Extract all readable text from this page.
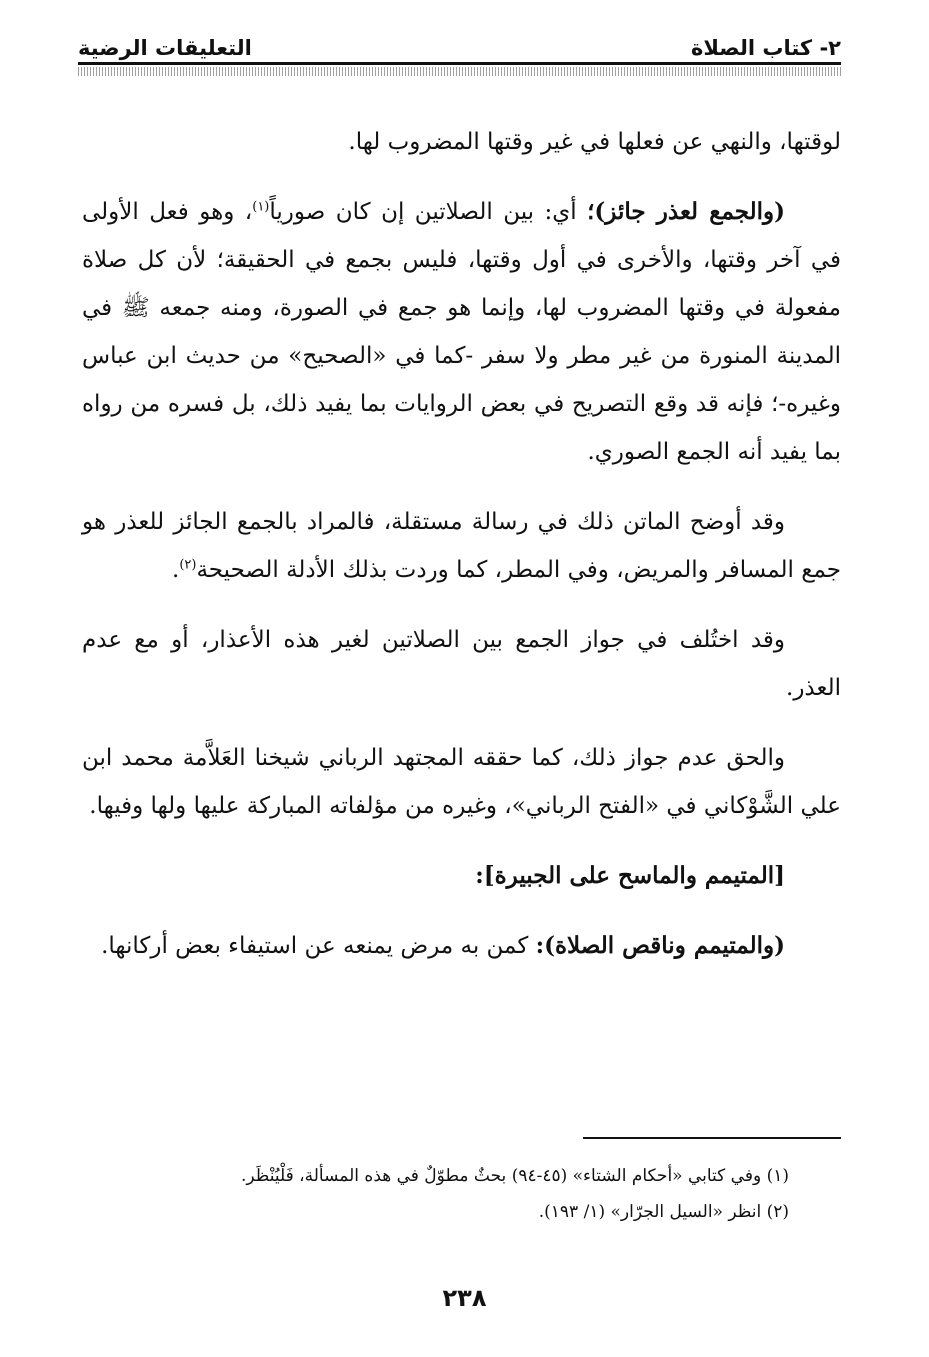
٢- كتاب الصلاة
التعليقات الرضية

لوقتها، والنهي عن فعلها في غير وقتها المضروب لها.

(والجمع لعذر جائز)؛ أي: بين الصلاتين إن كان صورياً$^{(١)}$، وهو فعل الأولى في آخر وقتها، والأخرى في أول وقتها، فليس بجمع في الحقيقة؛ لأن كل صلاة مفعولة في وقتها المضروب لها، وإنما هو جمع في الصورة، ومنه جمعه ﷺ في المدينة المنورة من غير مطر ولا سفر -كما في «الصحيح» من حديث ابن عباس وغيره-؛ فإنه قد وقع التصريح في بعض الروايات بما يفيد ذلك، بل فسره من رواه بما يفيد أنه الجمع الصوري.

وقد أوضح الماتن ذلك في رسالة مستقلة، فالمراد بالجمع الجائز للعذر هو جمع المسافر والمريض، وفي المطر، كما وردت بذلك الأدلة الصحيحة$^{(٢)}$.

وقد اختُلف في جواز الجمع بين الصلاتين لغير هذه الأعذار، أو مع عدم العذر.

والحق عدم جواز ذلك، كما حققه المجتهد الرباني شيخنا العَلاَّمة محمد ابن علي الشَّوْكاني في «الفتح الرباني»، وغيره من مؤلفاته المباركة عليها ولها وفيها.

[المتيمم والماسح على الجبيرة]:

(والمتيمم وناقص الصلاة): كمن به مرض يمنعه عن استيفاء بعض أركانها.

(١) وفي كتابي «أحكام الشتاء» (٤٥-٩٤) بحثٌ مطوّلٌ في هذه المسألة، فَلْيُنْظَر.

(٢) انظر «السيل الجرّار» (١/ ١٩٣).

٢٣٨
